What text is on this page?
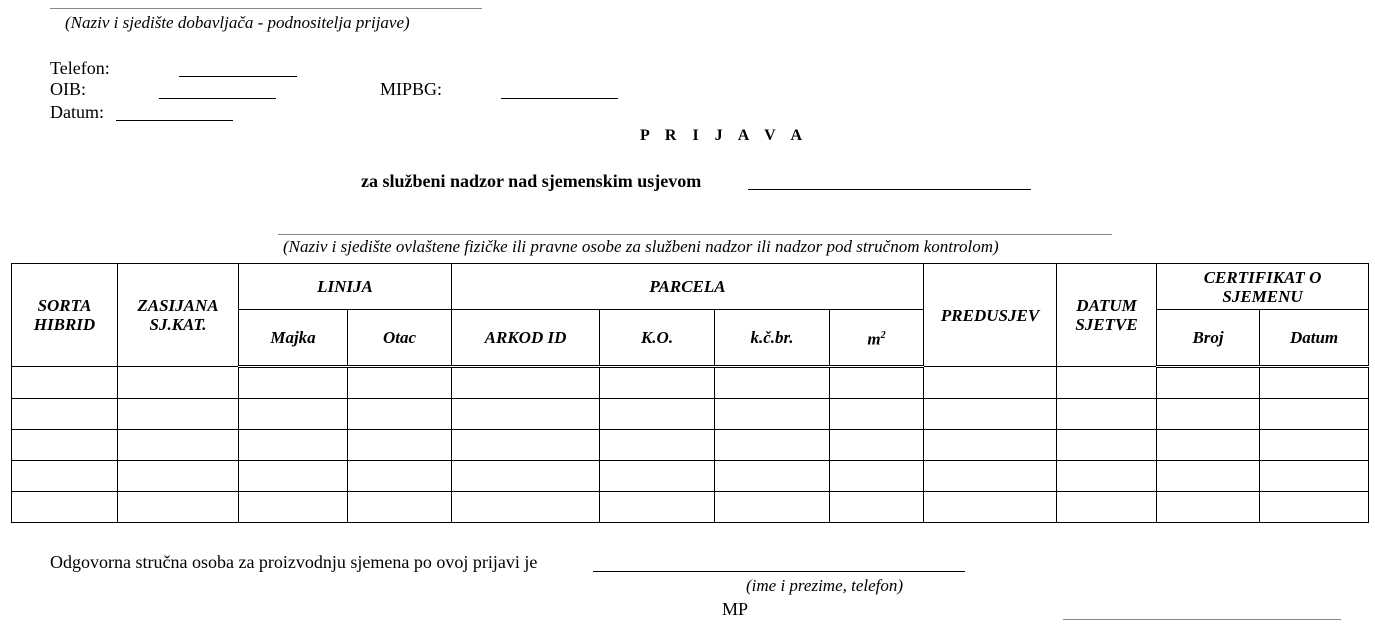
(Naziv i sjedište dobavljača - podnositelja prijave)
Telefon:
OIB:	MIPBG:
Datum:
P R I J A V A
za službeni nadzor nad sjemenskim usjevom
(Naziv i sjedište ovlaštene fizičke ili pravne osobe za službeni nadzor ili nadzor pod stručnom kontrolom)
SORTA HIBRID	ZASIJANA SJ.KAT.	LINIJA		PARCELA				PREDUSJEV	DATUM SJETVE	CERTIFIKAT O SJEMENU	
		Majka	Otac	ARKOD ID	K.O.	k.č.br.	$m^2$			Broj	Datum

Odgovorna stručna osoba za proizvodnju sjemena po ovoj prijavi je
(ime i prezime, telefon)
MP
